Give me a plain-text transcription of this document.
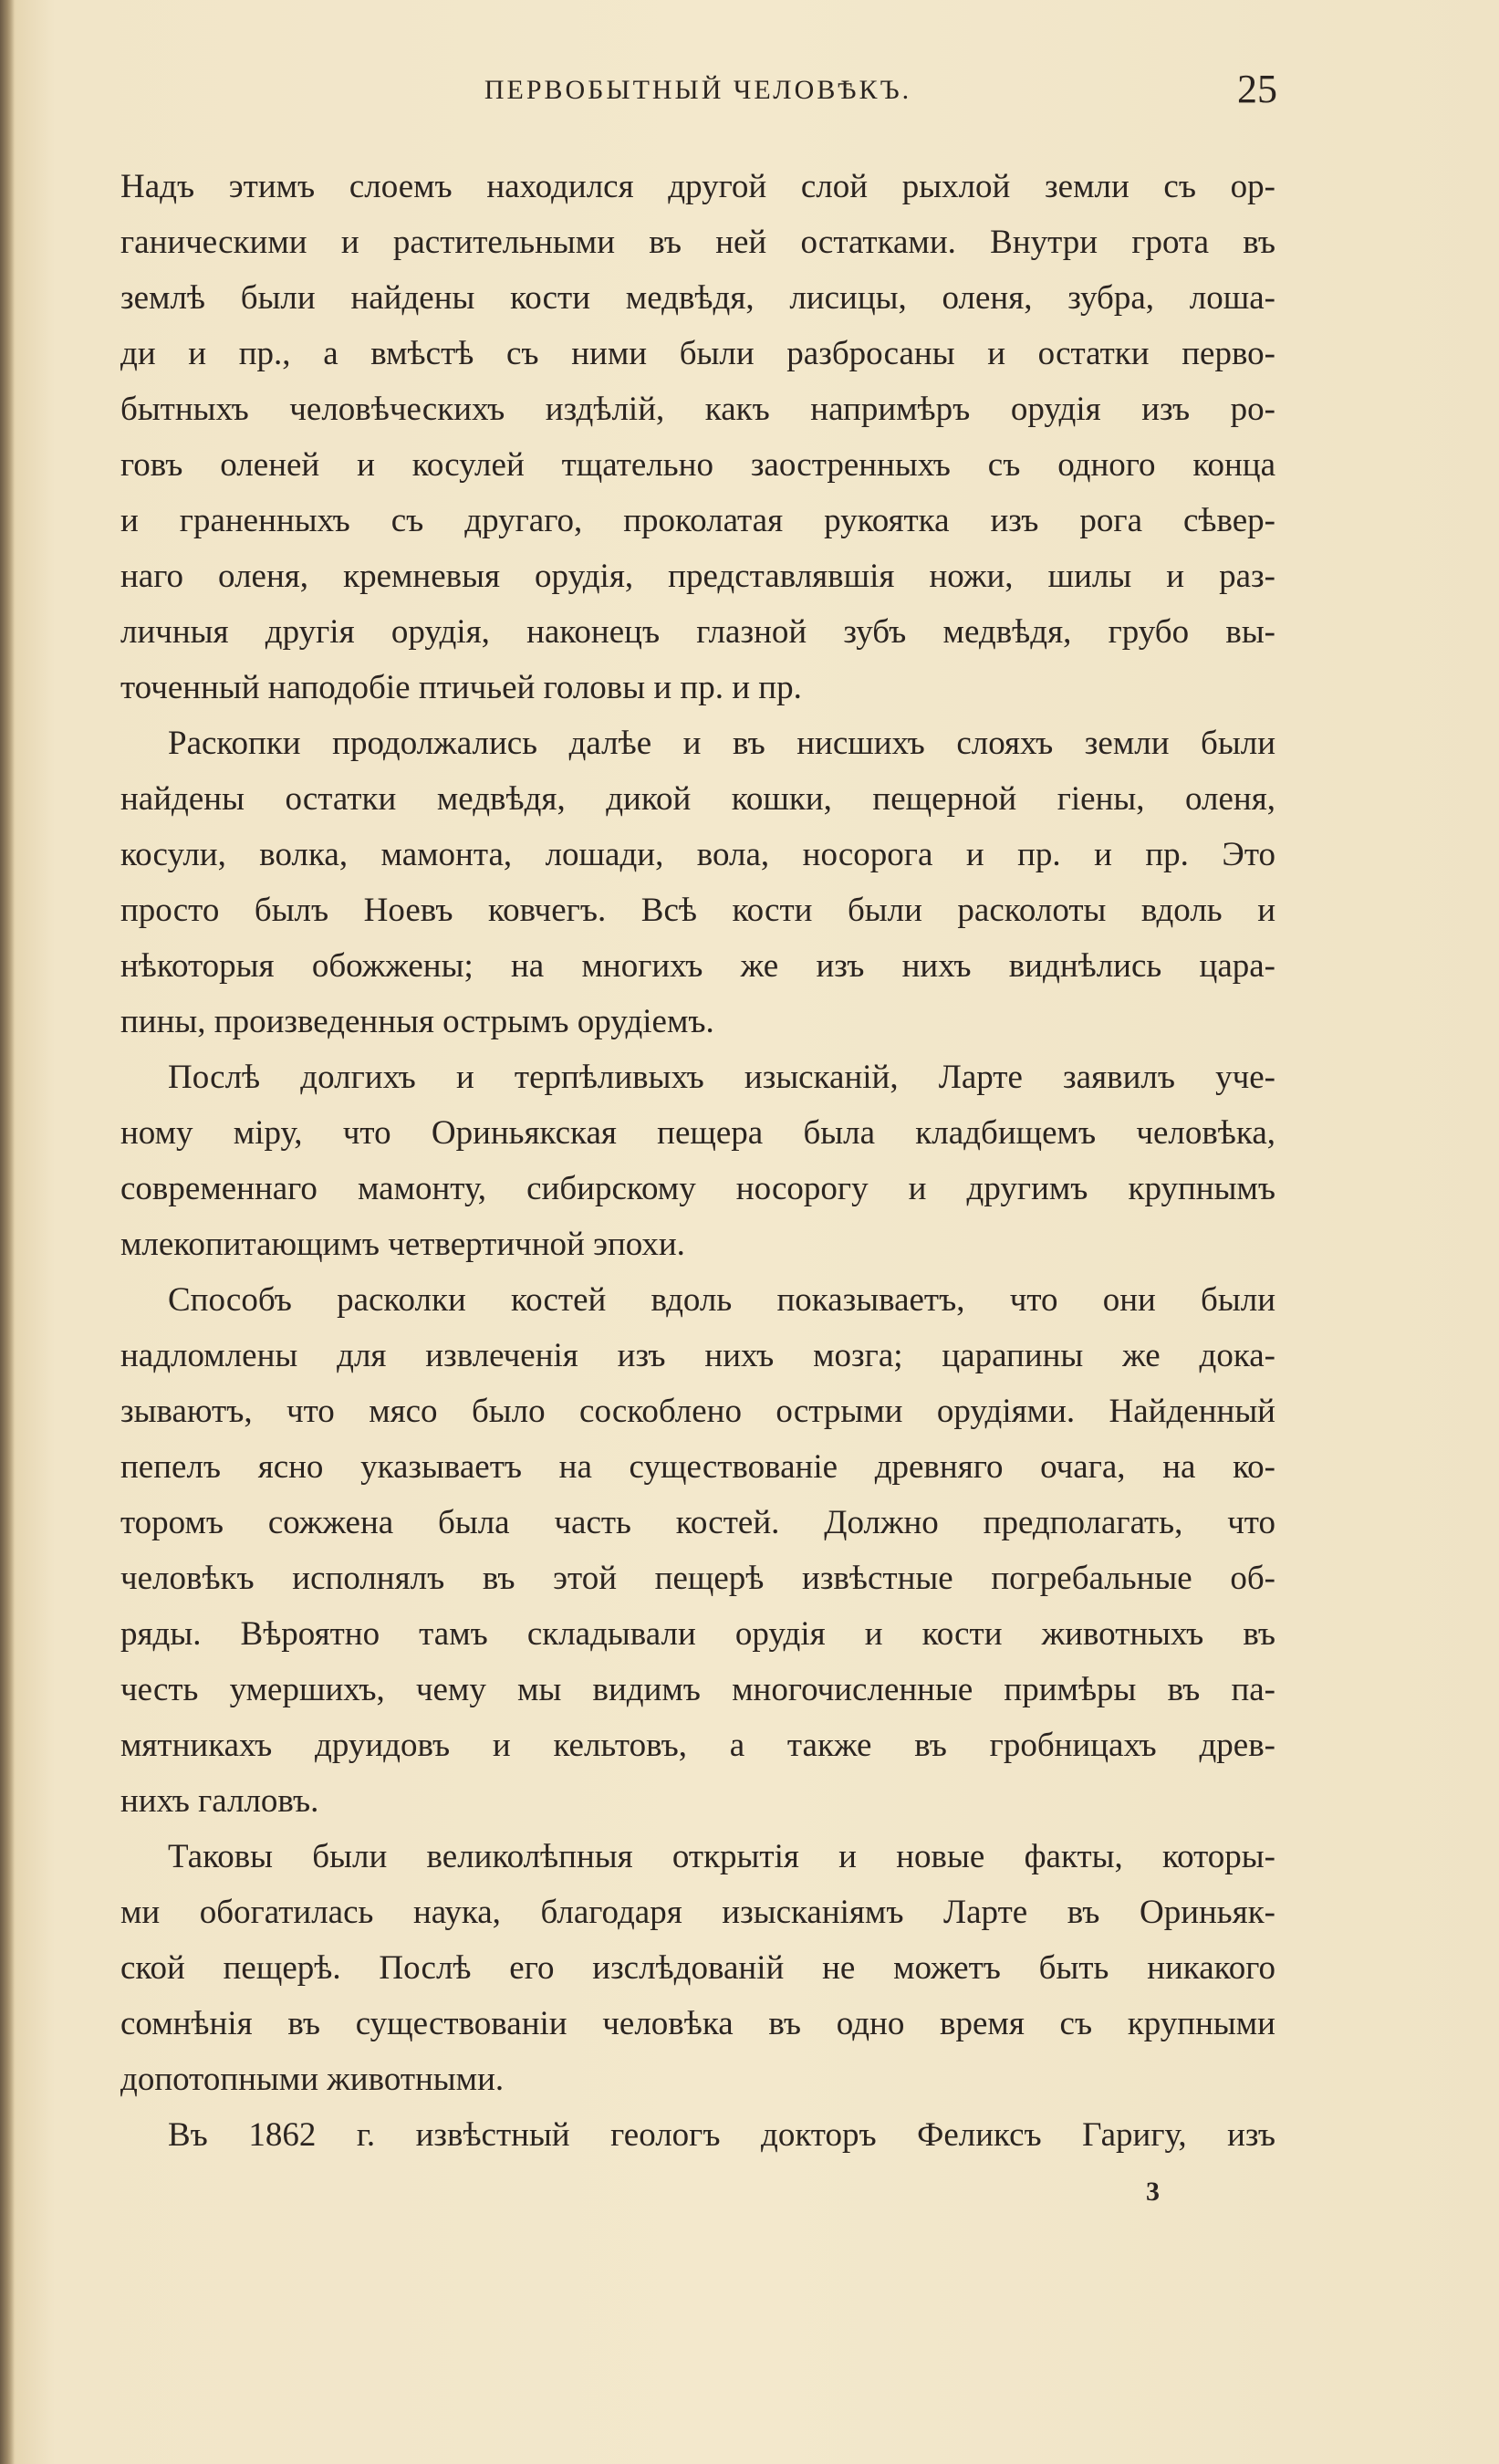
ПЕРВОБЫТНЫЙ ЧЕЛОВѢКЪ.	25
Надъ этимъ слоемъ находился другой слой рыхлой земли съ ор-
ганическими и растительными въ ней остатками. Внутри грота въ
землѣ были найдены кости медвѣдя, лисицы, оленя, зубра, лоша-
ди и пр., а вмѣстѣ съ ними были разбросаны и остатки перво-
бытныхъ человѣческихъ издѣлій, какъ напримѣръ орудія изъ ро-
говъ оленей и косулей тщательно заостренныхъ съ одного конца
и граненныхъ съ другаго, проколатая рукоятка изъ рога сѣвер-
наго оленя, кремневыя орудія, представлявшія ножи, шилы и раз-
личныя другія орудія, наконецъ глазной зубъ медвѣдя, грубо вы-
точенный наподобіе птичьей головы и пр. и пр.
Раскопки продолжались далѣе и въ нисшихъ слояхъ земли были
найдены остатки медвѣдя, дикой кошки, пещерной гіены, оленя,
косули, волка, мамонта, лошади, вола, носорога и пр. и пр. Это
просто былъ Ноевъ ковчегъ. Всѣ кости были расколоты вдоль и
нѣкоторыя обожжены; на многихъ же изъ нихъ виднѣлись цара-
пины, произведенныя острымъ орудіемъ.
Послѣ долгихъ и терпѣливыхъ изысканій, Ларте заявилъ уче-
ному міру, что Ориньякская пещера была кладбищемъ человѣка,
современнаго мамонту, сибирскому носорогу и другимъ крупнымъ
млекопитающимъ четвертичной эпохи.
Способъ расколки костей вдоль показываетъ, что они были
надломлены для извлеченія изъ нихъ мозга; царапины же дока-
зываютъ, что мясо было соскоблено острыми орудіями. Найденный
пепелъ ясно указываетъ на существованіе древняго очага, на ко-
торомъ сожжена была часть костей. Должно предполагать, что
человѣкъ исполнялъ въ этой пещерѣ извѣстные погребальные об-
ряды. Вѣроятно тамъ складывали орудія и кости животныхъ въ
честь умершихъ, чему мы видимъ многочисленные примѣры въ па-
мятникахъ друидовъ и кельтовъ, а также въ гробницахъ древ-
нихъ галловъ.
Таковы были великолѣпныя открытія и новые факты, которы-
ми обогатилась наука, благодаря изысканіямъ Ларте въ Ориньяк-
ской пещерѣ. Послѣ его изслѣдованій не можетъ быть никакого
сомнѣнія въ существованіи человѣка въ одно время съ крупными
допотопными животными.
Въ 1862 г. извѣстный геологъ докторъ Феликсъ Гаригу, изъ
3
